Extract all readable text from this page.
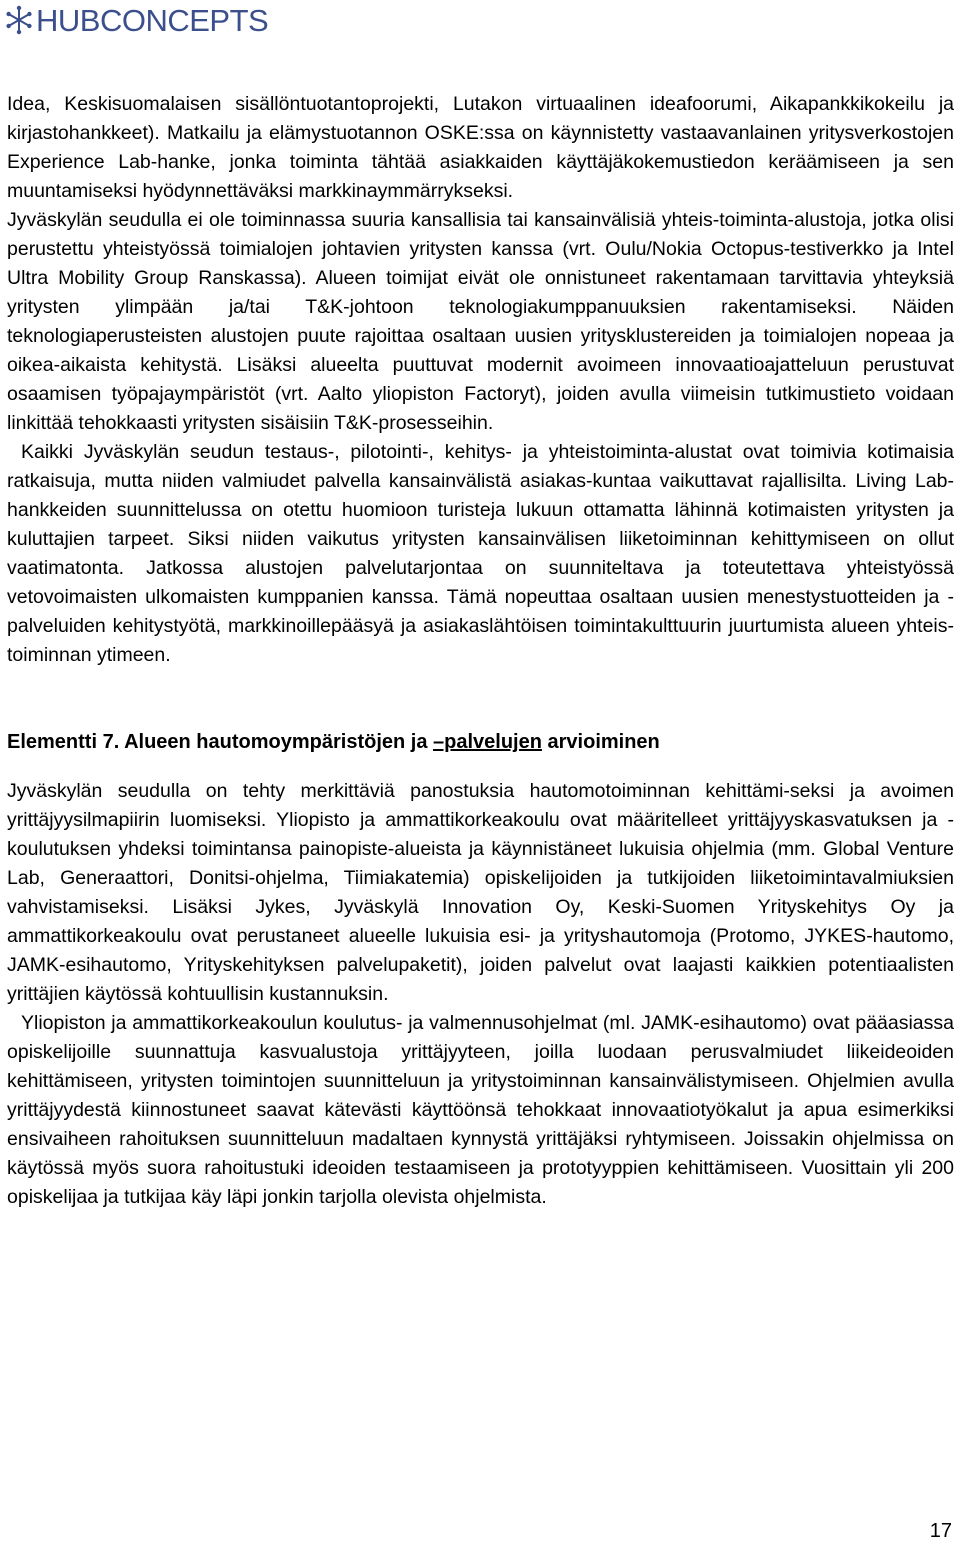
HUBCONCEPTS

Idea, Keskisuomalaisen sisällöntuotantoprojekti, Lutakon virtuaalinen ideafoorumi, Aikapankkikokeilu ja kirjastohankkeet). Matkailu ja elämystuotannon OSKE:ssa on käynnistetty vastaavanlainen yritysverkostojen Experience Lab-hanke, jonka toiminta tähtää asiakkaiden käyttäjäkokemustiedon keräämiseen ja sen muuntamiseksi hyödynnettäväksi markkinaymmärrykseksi.

Jyväskylän seudulla ei ole toiminnassa suuria kansallisia tai kansainvälisiä yhteis-toiminta-alustoja, jotka olisi perustettu yhteistyössä toimialojen johtavien yritysten kanssa (vrt. Oulu/Nokia Octopus-testiverkko ja Intel Ultra Mobility Group Ranskassa). Alueen toimijat eivät ole onnistuneet rakentamaan tarvittavia yhteyksiä yritysten ylimpään ja/tai T&K-johtoon teknologiakumppanuuksien rakentamiseksi. Näiden teknologiaperusteisten alustojen puute rajoittaa osaltaan uusien yritysklustereiden ja toimialojen nopeaa ja oikea-aikaista kehitystä. Lisäksi alueelta puuttuvat modernit avoimeen innovaatioajatteluun perustuvat osaamisen työpajaympäristöt (vrt. Aalto yliopiston Factoryt), joiden avulla viimeisin tutkimustieto voidaan linkittää tehokkaasti yritysten sisäisiin T&K-prosesseihin.

Kaikki Jyväskylän seudun testaus-, pilotointi-, kehitys- ja yhteistoiminta-alustat ovat toimivia kotimaisia ratkaisuja, mutta niiden valmiudet palvella kansainvälistä asiakas-kuntaa vaikuttavat rajallisilta. Living Lab-hankkeiden suunnittelussa on otettu huomioon turisteja lukuun ottamatta lähinnä kotimaisten yritysten ja kuluttajien tarpeet. Siksi niiden vaikutus yritysten kansainvälisen liiketoiminnan kehittymiseen on ollut vaatimatonta. Jatkossa alustojen palvelutarjontaa on suunniteltava ja toteutettava yhteistyössä vetovoimaisten ulkomaisten kumppanien kanssa. Tämä nopeuttaa osaltaan uusien menestystuotteiden ja -palveluiden kehitystyötä, markkinoillepääsyä ja asiakaslähtöisen toimintakulttuurin juurtumista alueen yhteis-toiminnan ytimeen.

Elementti 7. Alueen hautomoympäristöjen ja –palvelujen arvioiminen

Jyväskylän seudulla on tehty merkittäviä panostuksia hautomotoiminnan kehittämi-seksi ja avoimen yrittäjyysilmapiirin luomiseksi. Yliopisto ja ammattikorkeakoulu ovat määritelleet yrittäjyyskasvatuksen ja -koulutuksen yhdeksi toimintansa painopiste-alueista ja käynnistäneet lukuisia ohjelmia (mm. Global Venture Lab, Generaattori, Donitsi-ohjelma, Tiimiakatemia) opiskelijoiden ja tutkijoiden liiketoimintavalmiuksien vahvistamiseksi. Lisäksi Jykes, Jyväskylä Innovation Oy, Keski-Suomen Yrityskehitys Oy ja ammattikorkeakoulu ovat perustaneet alueelle lukuisia esi- ja yrityshautomoja (Protomo, JYKES-hautomo, JAMK-esihautomo, Yrityskehityksen palvelupaketit), joiden palvelut ovat laajasti kaikkien potentiaalisten yrittäjien käytössä kohtuullisin kustannuksin.

Yliopiston ja ammattikorkeakoulun koulutus- ja valmennusohjelmat (ml. JAMK-esihautomo) ovat pääasiassa opiskelijoille suunnattuja kasvualustoja yrittäjyyteen, joilla luodaan perusvalmiudet liikeideoiden kehittämiseen, yritysten toimintojen suunnitteluun ja yritystoiminnan kansainvälistymiseen. Ohjelmien avulla yrittäjyydestä kiinnostuneet saavat kätevästi käyttöönsä tehokkaat innovaatiotyökalut ja apua esimerkiksi ensivaiheen rahoituksen suunnitteluun madaltaen kynnystä yrittäjäksi ryhtymiseen. Joissakin ohjelmissa on käytössä myös suora rahoitustuki ideoiden testaamiseen ja prototyyppien kehittämiseen. Vuosittain yli 200 opiskelijaa ja tutkijaa käy läpi jonkin tarjolla olevista ohjelmista.

17
